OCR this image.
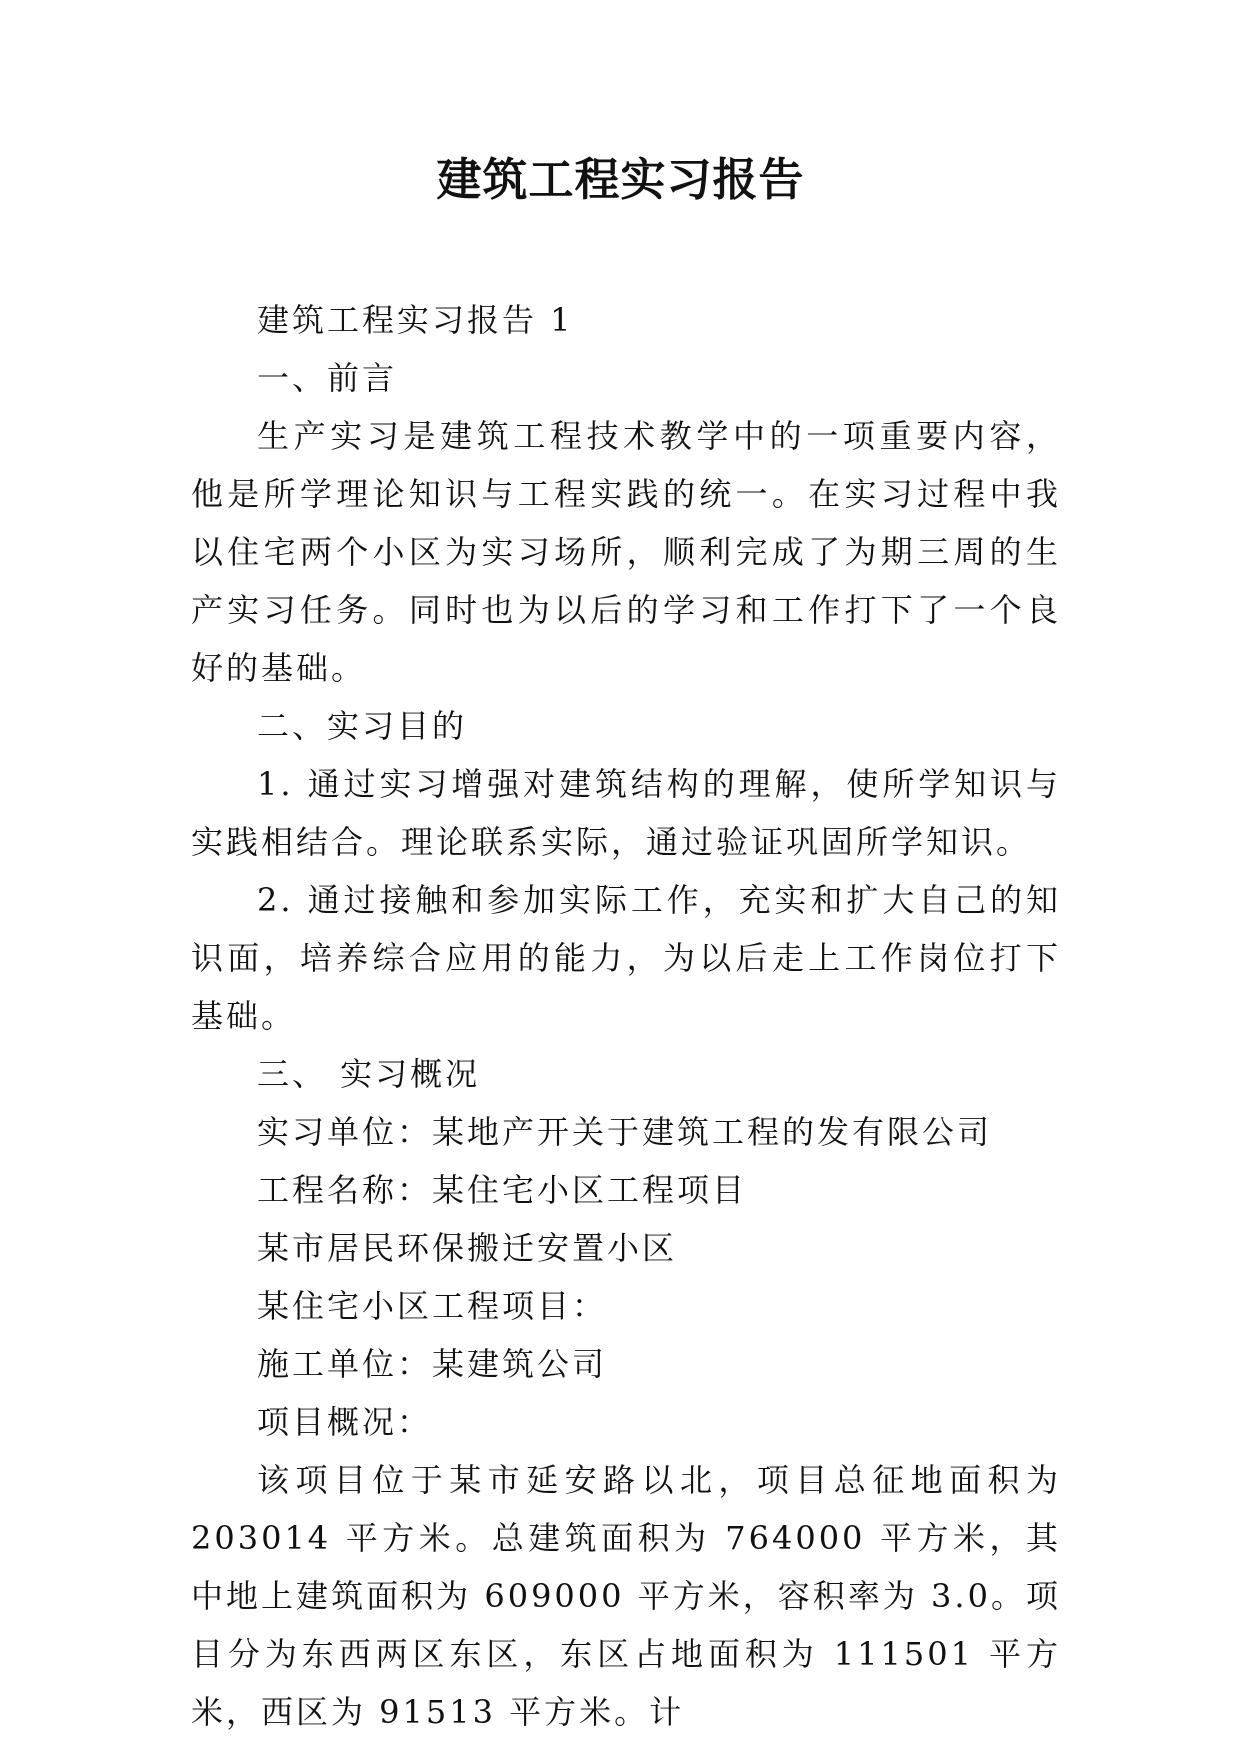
建筑工程实习报告

建筑工程实习报告 1

一、前言

生产实习是建筑工程技术教学中的一项重要内容，他是所学理论知识与工程实践的统一。在实习过程中我以住宅两个小区为实习场所，顺利完成了为期三周的生产实习任务。同时也为以后的学习和工作打下了一个良好的基础。

二、实习目的

1. 通过实习增强对建筑结构的理解，使所学知识与实践相结合。理论联系实际，通过验证巩固所学知识。

2. 通过接触和参加实际工作，充实和扩大自己的知识面，培养综合应用的能力，为以后走上工作岗位打下基础。

三、 实习概况

实习单位：某地产开关于建筑工程的发有限公司

工程名称：某住宅小区工程项目

某市居民环保搬迁安置小区

某住宅小区工程项目：

施工单位：某建筑公司

项目概况：

该项目位于某市延安路以北，项目总征地面积为 203014 平方米。总建筑面积为 764000 平方米，其中地上建筑面积为 609000 平方米，容积率为 3.0。项目分为东西两区东区，东区占地面积为 111501 平方米，西区为 91513 平方米。计
